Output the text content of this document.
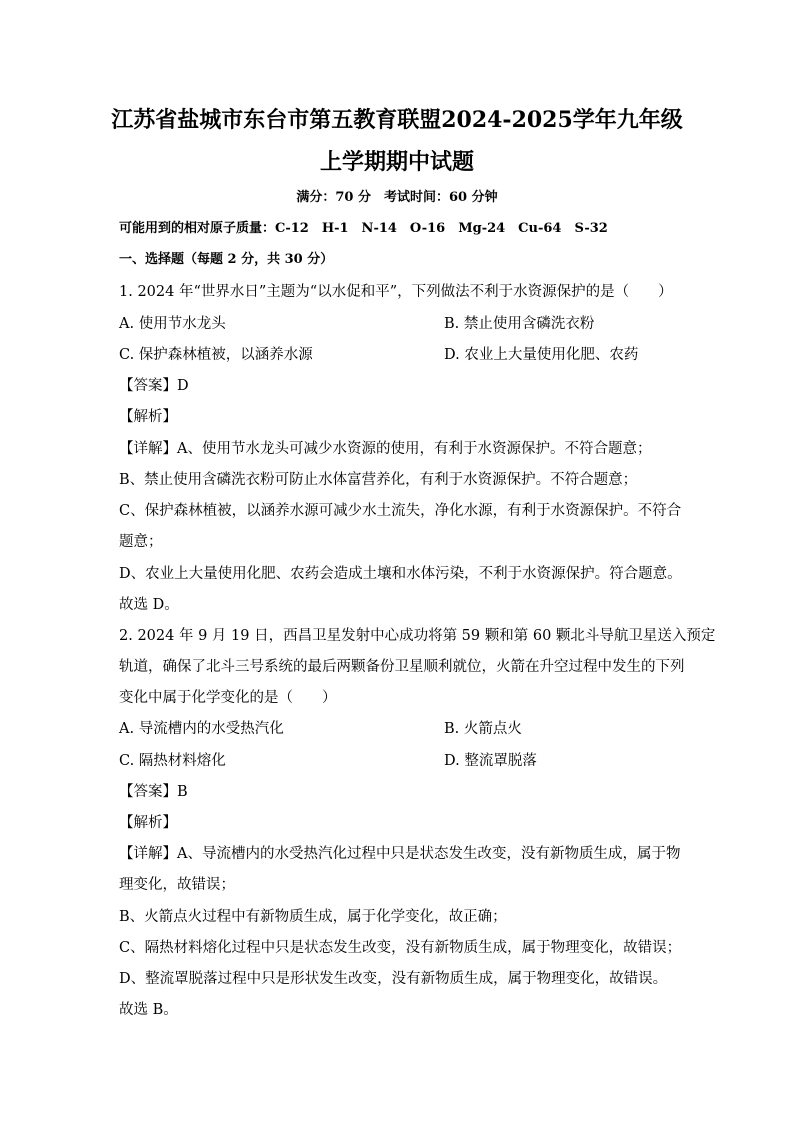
江苏省盐城市东台市第五教育联盟2024-2025学年九年级
上学期期中试题
满分：70 分　考试时间：60 分钟
可能用到的相对原子质量：C-12　H-1　N-14　O-16　Mg-24　Cu-64　S-32
一、选择题（每题 2 分，共 30 分）
1. 2024 年“世界水日”主题为“以水促和平”，下列做法不利于水资源保护的是（　　）
A. 使用节水龙头	B. 禁止使用含磷洗衣粉
C. 保护森林植被，以涵养水源	D. 农业上大量使用化肥、农药
【答案】D
【解析】
【详解】A、使用节水龙头可减少水资源的使用，有利于水资源保护。不符合题意；
B、禁止使用含磷洗衣粉可防止水体富营养化，有利于水资源保护。不符合题意；
C、保护森林植被，以涵养水源可减少水土流失，净化水源，有利于水资源保护。不符合
题意；
D、农业上大量使用化肥、农药会造成土壤和水体污染，不利于水资源保护。符合题意。
故选 D。
2. 2024 年 9 月 19 日，西昌卫星发射中心成功将第 59 颗和第 60 颗北斗导航卫星送入预定
轨道，确保了北斗三号系统的最后两颗备份卫星顺利就位，火箭在升空过程中发生的下列
变化中属于化学变化的是（　　）
A. 导流槽内的水受热汽化	B. 火箭点火
C. 隔热材料熔化	D. 整流罩脱落
【答案】B
【解析】
【详解】A、导流槽内的水受热汽化过程中只是状态发生改变，没有新物质生成，属于物
理变化，故错误；
B、火箭点火过程中有新物质生成，属于化学变化，故正确；
C、隔热材料熔化过程中只是状态发生改变，没有新物质生成，属于物理变化，故错误；
D、整流罩脱落过程中只是形状发生改变，没有新物质生成，属于物理变化，故错误。
故选 B。
